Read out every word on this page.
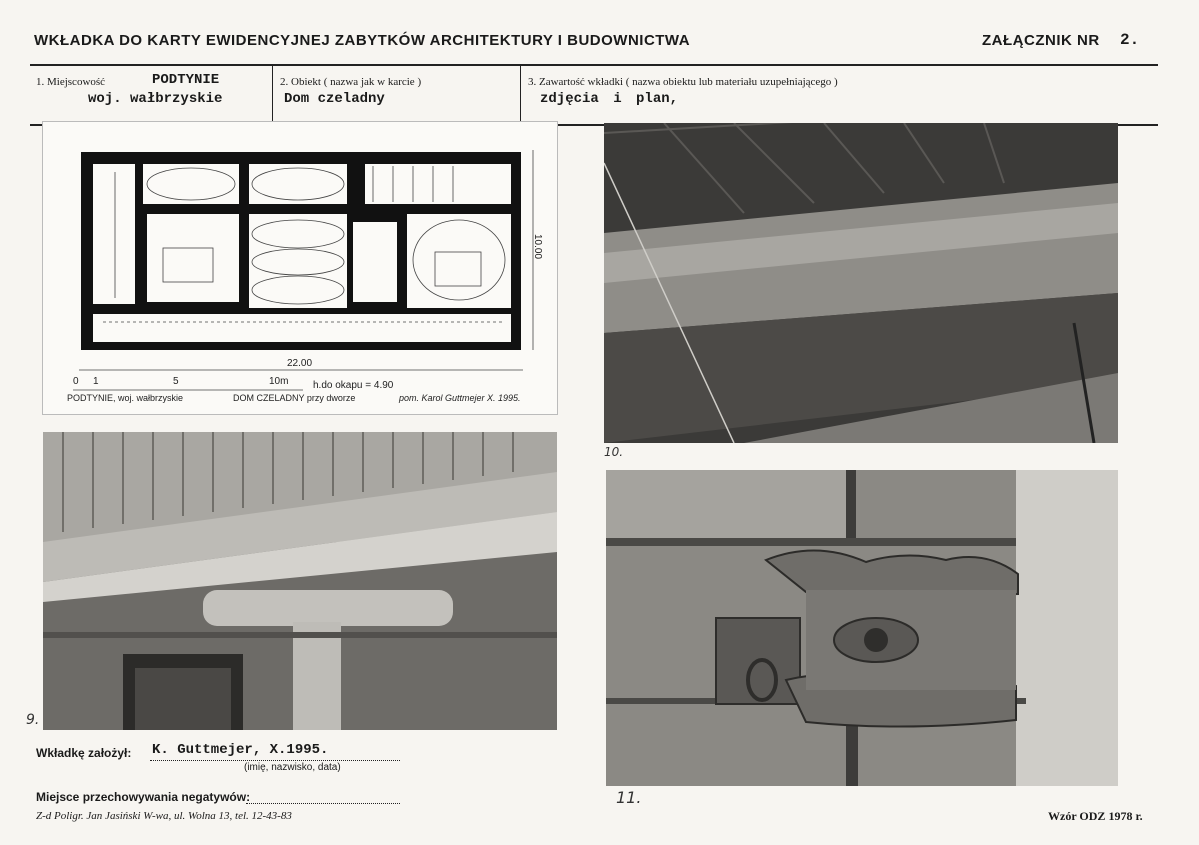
WKŁADKA DO KARTY EWIDENCYJNEJ ZABYTKÓW ARCHITEKTURY I BUDOWNICTWA	ZAŁĄCZNIK NR 2.
1. Miejscowość	PODTYNIE
woj. wałbrzyskie
2. Obiekt ( nazwa jak w karcie )
Dom czeladny
3. Zawartość wkładki ( nazwa obiektu lub materiału uzupełniającego )
zdjęcia i plan,
22.00
10.00
0 1	5	10m h.do okapu = 4.90
PODTYNIE, woj. wałbrzyskie	DOM CZELADNY przy dworze	pom. Karol Guttmejer X. 1995.
10.
9.
11.
Wkładkę założył: K. Guttmejer, X.1995.
(imię, nazwisko, data)
Miejsce przechowywania negatywów:
Z-d Poligr. Jan Jasiński W-wa, ul. Wolna 13, tel. 12-43-83	Wzór ODZ 1978 r.
